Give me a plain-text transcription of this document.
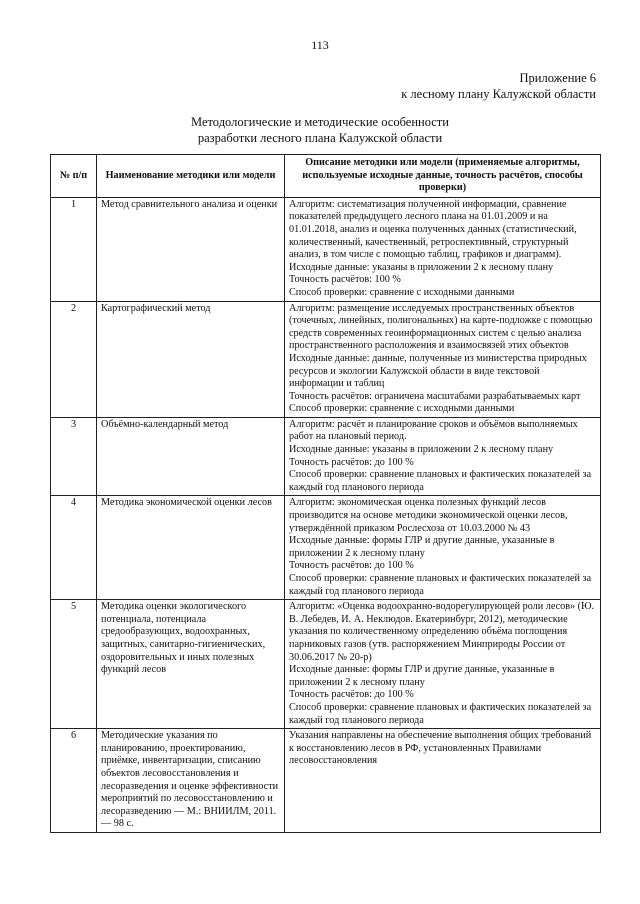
113
Приложение 6
к лесному плану Калужской области
Методологические и методические особенности
разработки лесного плана Калужской области
№ п/п	Наименование методики или модели	Описание методики или модели (применяемые алгоритмы, используемые исходные данные, точность расчётов, способы проверки)
1	Метод сравнительного анализа и оценки	Алгоритм: систематизация полученной информации, сравнение показателей предыдущего лесного плана на 01.01.2009 и на 01.01.2018, анализ и оценка полученных данных (статистический, количественный, качественный, ретроспективный, структурный анализ, в том числе с помощью таблиц, графиков и диаграмм).
Исходные данные: указаны в приложении 2 к лесному плану
Точность расчётов: 100 %
Способ проверки: сравнение с исходными данными

2	Картографический метод	Алгоритм: размещение исследуемых пространственных объектов (точечных, линейных, полигональных) на карте-подложке с помощью средств современных геоинформационных систем с целью анализа пространственного расположения и взаимосвязей этих объектов
Исходные данные: данные, полученные из министерства природных ресурсов и экологии Калужской области в виде текстовой информации и таблиц
Точность расчётов: ограничена масштабами разрабатываемых карт
Способ проверки: сравнение с исходными данными

3	Объёмно-календарный метод	Алгоритм: расчёт и планирование сроков и объёмов выполняемых работ на плановый период.
Исходные данные: указаны в приложении 2 к лесному плану
Точность расчётов: до 100 %
Способ проверки: сравнение плановых и фактических показателей за каждый год планового периода

4	Методика экономической оценки лесов	Алгоритм: экономическая оценка полезных функций лесов производится на основе методики экономической оценки лесов, утверждённой приказом Рослесхоза от 10.03.2000 № 43
Исходные данные: формы ГЛР и другие данные, указанные в приложении 2 к лесному плану
Точность расчётов: до 100 %
Способ проверки: сравнение плановых и фактических показателей за каждый год планового периода

5	Методика оценки экологического потенциала, потенциала средообразующих, водоохранных, защитных, санитарно-гигиенических, оздоровительных и иных полезных функций лесов	Алгоритм: «Оценка водоохранно-водорегулирующей роли лесов» (Ю. В. Лебедев, И. А. Неклюдов. Екатеринбург, 2012), методические указания по количественному определению объёма поглощения парниковых газов (утв. распоряжением Минприроды России от 30.06.2017 № 20-р)
Исходные данные: формы ГЛР и другие данные, указанные в приложении 2 к лесному плану
Точность расчётов: до 100 %
Способ проверки: сравнение плановых и фактических показателей за каждый год планового периода

6	Методические указания по планированию, проектированию, приёмке, инвентаризации, списанию объектов лесовосстановления и лесоразведения и оценке эффективности мероприятий по лесовосстановлению и лесоразведению — М.: ВНИИЛМ, 2011. — 98 с.	Указания направлены на обеспечение выполнения общих требований к восстановлению лесов в РФ, установленных Правилами лесовосстановления
